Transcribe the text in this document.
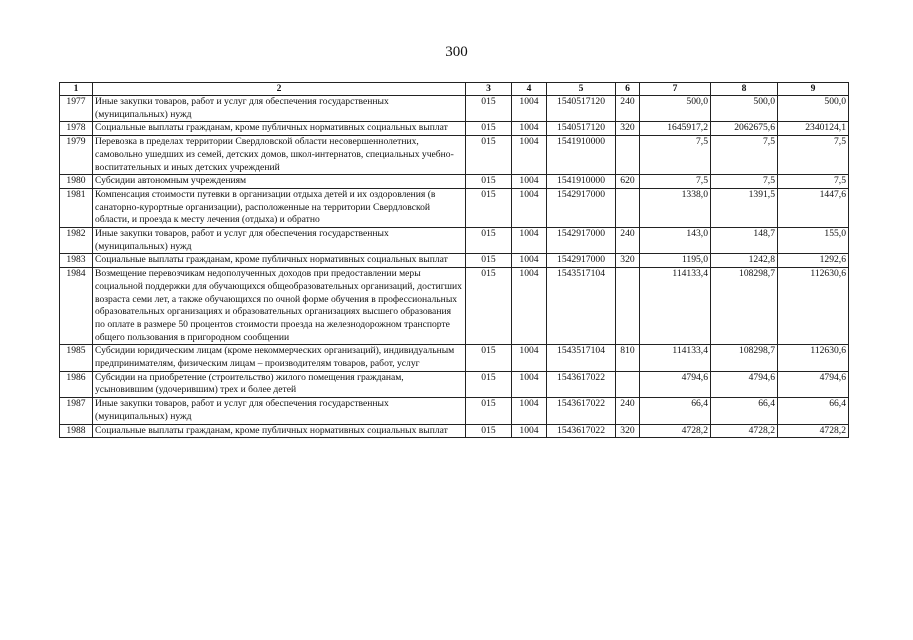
300
1	2	3	4	5	6	7	8	9
1977	Иные закупки товаров, работ и услуг для обеспечения государственных (муниципальных) нужд	015	1004	1540517120	240	500,0	500,0	500,0
1978	Социальные выплаты гражданам, кроме публичных нормативных социальных выплат	015	1004	1540517120	320	1645917,2	2062675,6	2340124,1
1979	Перевозка в пределах территории Свердловской области несовершеннолетних, самовольно ушедших из семей, детских домов, школ-интернатов, специальных учебно-воспитательных и иных детских учреждений	015	1004	1541910000		7,5	7,5	7,5
1980	Субсидии автономным учреждениям	015	1004	1541910000	620	7,5	7,5	7,5
1981	Компенсация стоимости путевки в организации отдыха детей и их оздоровления (в санаторно-курортные организации), расположенные на территории Свердловской области, и проезда к месту лечения (отдыха) и обратно	015	1004	1542917000		1338,0	1391,5	1447,6
1982	Иные закупки товаров, работ и услуг для обеспечения государственных (муниципальных) нужд	015	1004	1542917000	240	143,0	148,7	155,0
1983	Социальные выплаты гражданам, кроме публичных нормативных социальных выплат	015	1004	1542917000	320	1195,0	1242,8	1292,6
1984	Возмещение перевозчикам недополученных доходов при предоставлении меры социальной поддержки для обучающихся общеобразовательных организаций, достигших возраста семи лет, а также обучающихся по очной форме обучения в профессиональных образовательных организациях и образовательных организациях высшего образования по оплате в размере 50 процентов стоимости проезда на железнодорожном транспорте общего пользования в пригородном сообщении	015	1004	1543517104		114133,4	108298,7	112630,6
1985	Субсидии юридическим лицам (кроме некоммерческих организаций), индивидуальным предпринимателям, физическим лицам – производителям товаров, работ, услуг	015	1004	1543517104	810	114133,4	108298,7	112630,6
1986	Субсидии на приобретение (строительство) жилого помещения гражданам, усыновившим (удочерившим) трех и более детей	015	1004	1543617022		4794,6	4794,6	4794,6
1987	Иные закупки товаров, работ и услуг для обеспечения государственных (муниципальных) нужд	015	1004	1543617022	240	66,4	66,4	66,4
1988	Социальные выплаты гражданам, кроме публичных нормативных социальных выплат	015	1004	1543617022	320	4728,2	4728,2	4728,2
